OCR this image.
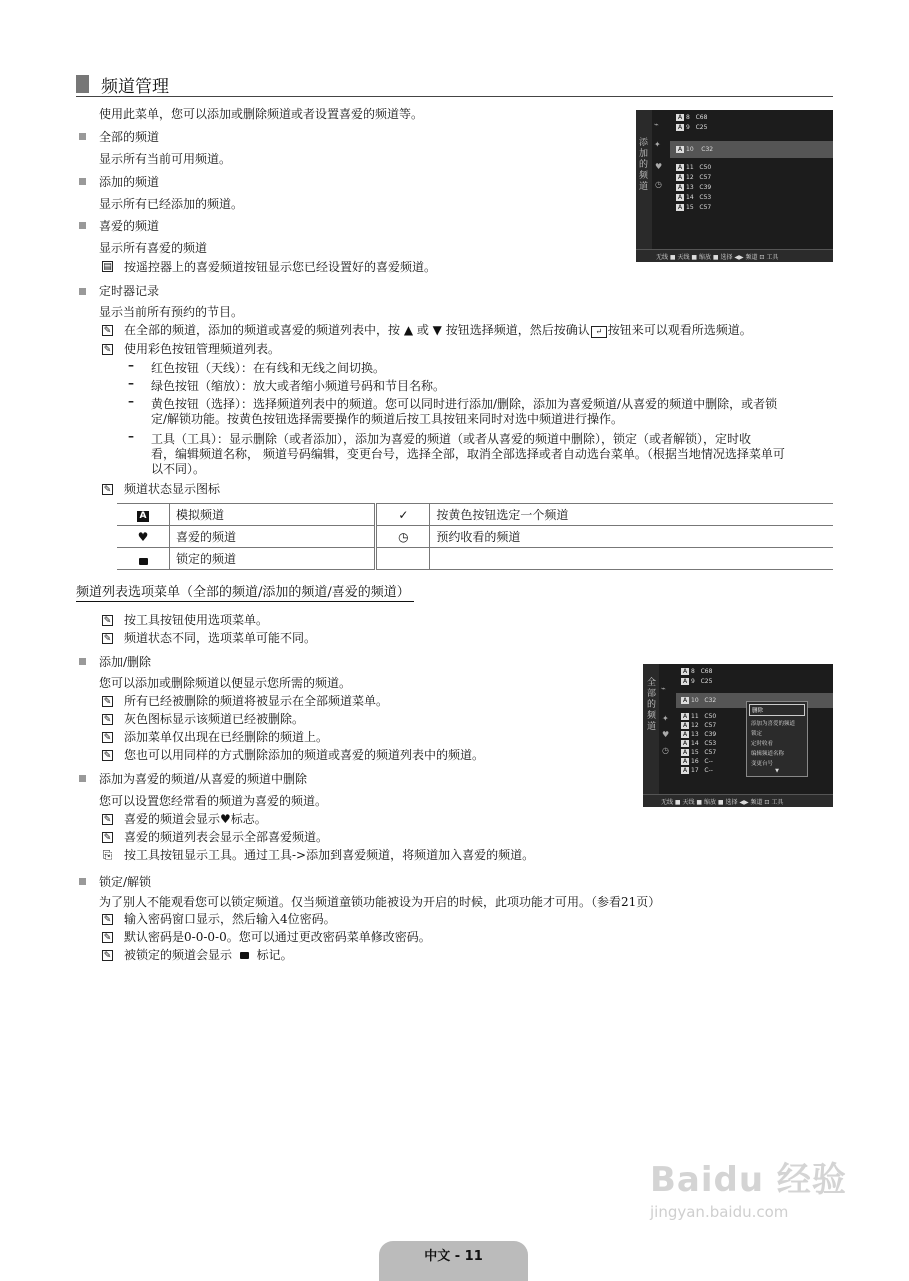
频道管理
使用此菜单，您可以添加或删除频道或者设置喜爱的频道等。
全部的频道
显示所有当前可用频道。
添加的频道
显示所有已经添加的频道。
喜爱的频道
显示所有喜爱的频道
▤ 按遥控器上的喜爱频道按钮显示您已经设置好的喜爱频道。
定时器记录
显示当前所有预约的节目。
✎ 在全部的频道，添加的频道或喜爱的频道列表中，按 ▲ 或 ▼ 按钮选择频道，然后按确认 ↵ 按钮来可以观看所选频道。
✎ 使用彩色按钮管理频道列表。
– 红色按钮（天线）：在有线和无线之间切换。
– 绿色按钮（缩放）：放大或者缩小频道号码和节目名称。
– 黄色按钮（选择）：选择频道列表中的频道。您可以同时进行添加/删除，添加为喜爱频道/从喜爱的频道中删除，或者锁
定/解锁功能。按黄色按钮选择需要操作的频道后按工具按钮来同时对选中频道进行操作。
– 工具（工具）：显示删除（或者添加），添加为喜爱的频道（或者从喜爱的频道中删除），锁定（或者解锁），定时收
看，编辑频道名称， 频道号码编辑，变更台号，选择全部，取消全部选择或者自动选台菜单。（根据当地情况选择菜单可
以不同）。
✎ 频道状态显示图标
A	模拟频道	✓	按黄色按钮选定一个频道
♥	喜爱的频道	◷	预约收看的频道
	锁定的频道		
频道列表选项菜单（全部的频道/添加的频道/喜爱的频道）
✎ 按工具按钮使用选项菜单。
✎ 频道状态不同，选项菜单可能不同。
添加/删除
您可以添加或删除频道以便显示您所需的频道。
✎ 所有已经被删除的频道将被显示在全部频道菜单。
✎ 灰色图标显示该频道已经被删除。
✎ 添加菜单仅出现在已经删除的频道上。
✎ 您也可以用同样的方式删除添加的频道或喜爱的频道列表中的频道。
添加为喜爱的频道/从喜爱的频道中删除
您可以设置您经常看的频道为喜爱的频道。
✎ 喜爱的频道会显示♥标志。
✎ 喜爱的频道列表会显示全部喜爱频道。
⎘ 按工具按钮显示工具。通过工具->添加到喜爱频道，将频道加入喜爱的频道。
锁定/解锁
为了别人不能观看您可以锁定频道。仅当频道童锁功能被设为开启的时候，此项功能才可用。（参看21页）
✎ 输入密码窗口显示，然后输入4位密码。
✎ 默认密码是0-0-0-0。您可以通过更改密码菜单修改密码。
✎ 被锁定的频道会显示 标记。
添加的频道
A 8 C68
A 9 C25
A 10 C32
A 11 C50
A 12 C57
A 13 C39
A 14 C53
A 15 C57
⌁
✦
♥
◷
无线 ■ 天线 ■ 缩放 ■ 选择 ◀▶ 频道 ⊡ 工具
全部的频道
A 8 C68
A 9 C25
A 10 C32
A 11 C50
A 12 C57
A 13 C39
A 14 C53
A 15 C57
A 16 C--
A 17 C--
⌁
✦
♥
◷
删除
添加为喜爱的频道
锁定
定时收看
编辑频道名称
变更台号
▼
无线 ■ 天线 ■ 缩放 ■ 选择 ◀▶ 频道 ⊡ 工具
Baidu 经验
jingyan.baidu.com
中文 - 11
